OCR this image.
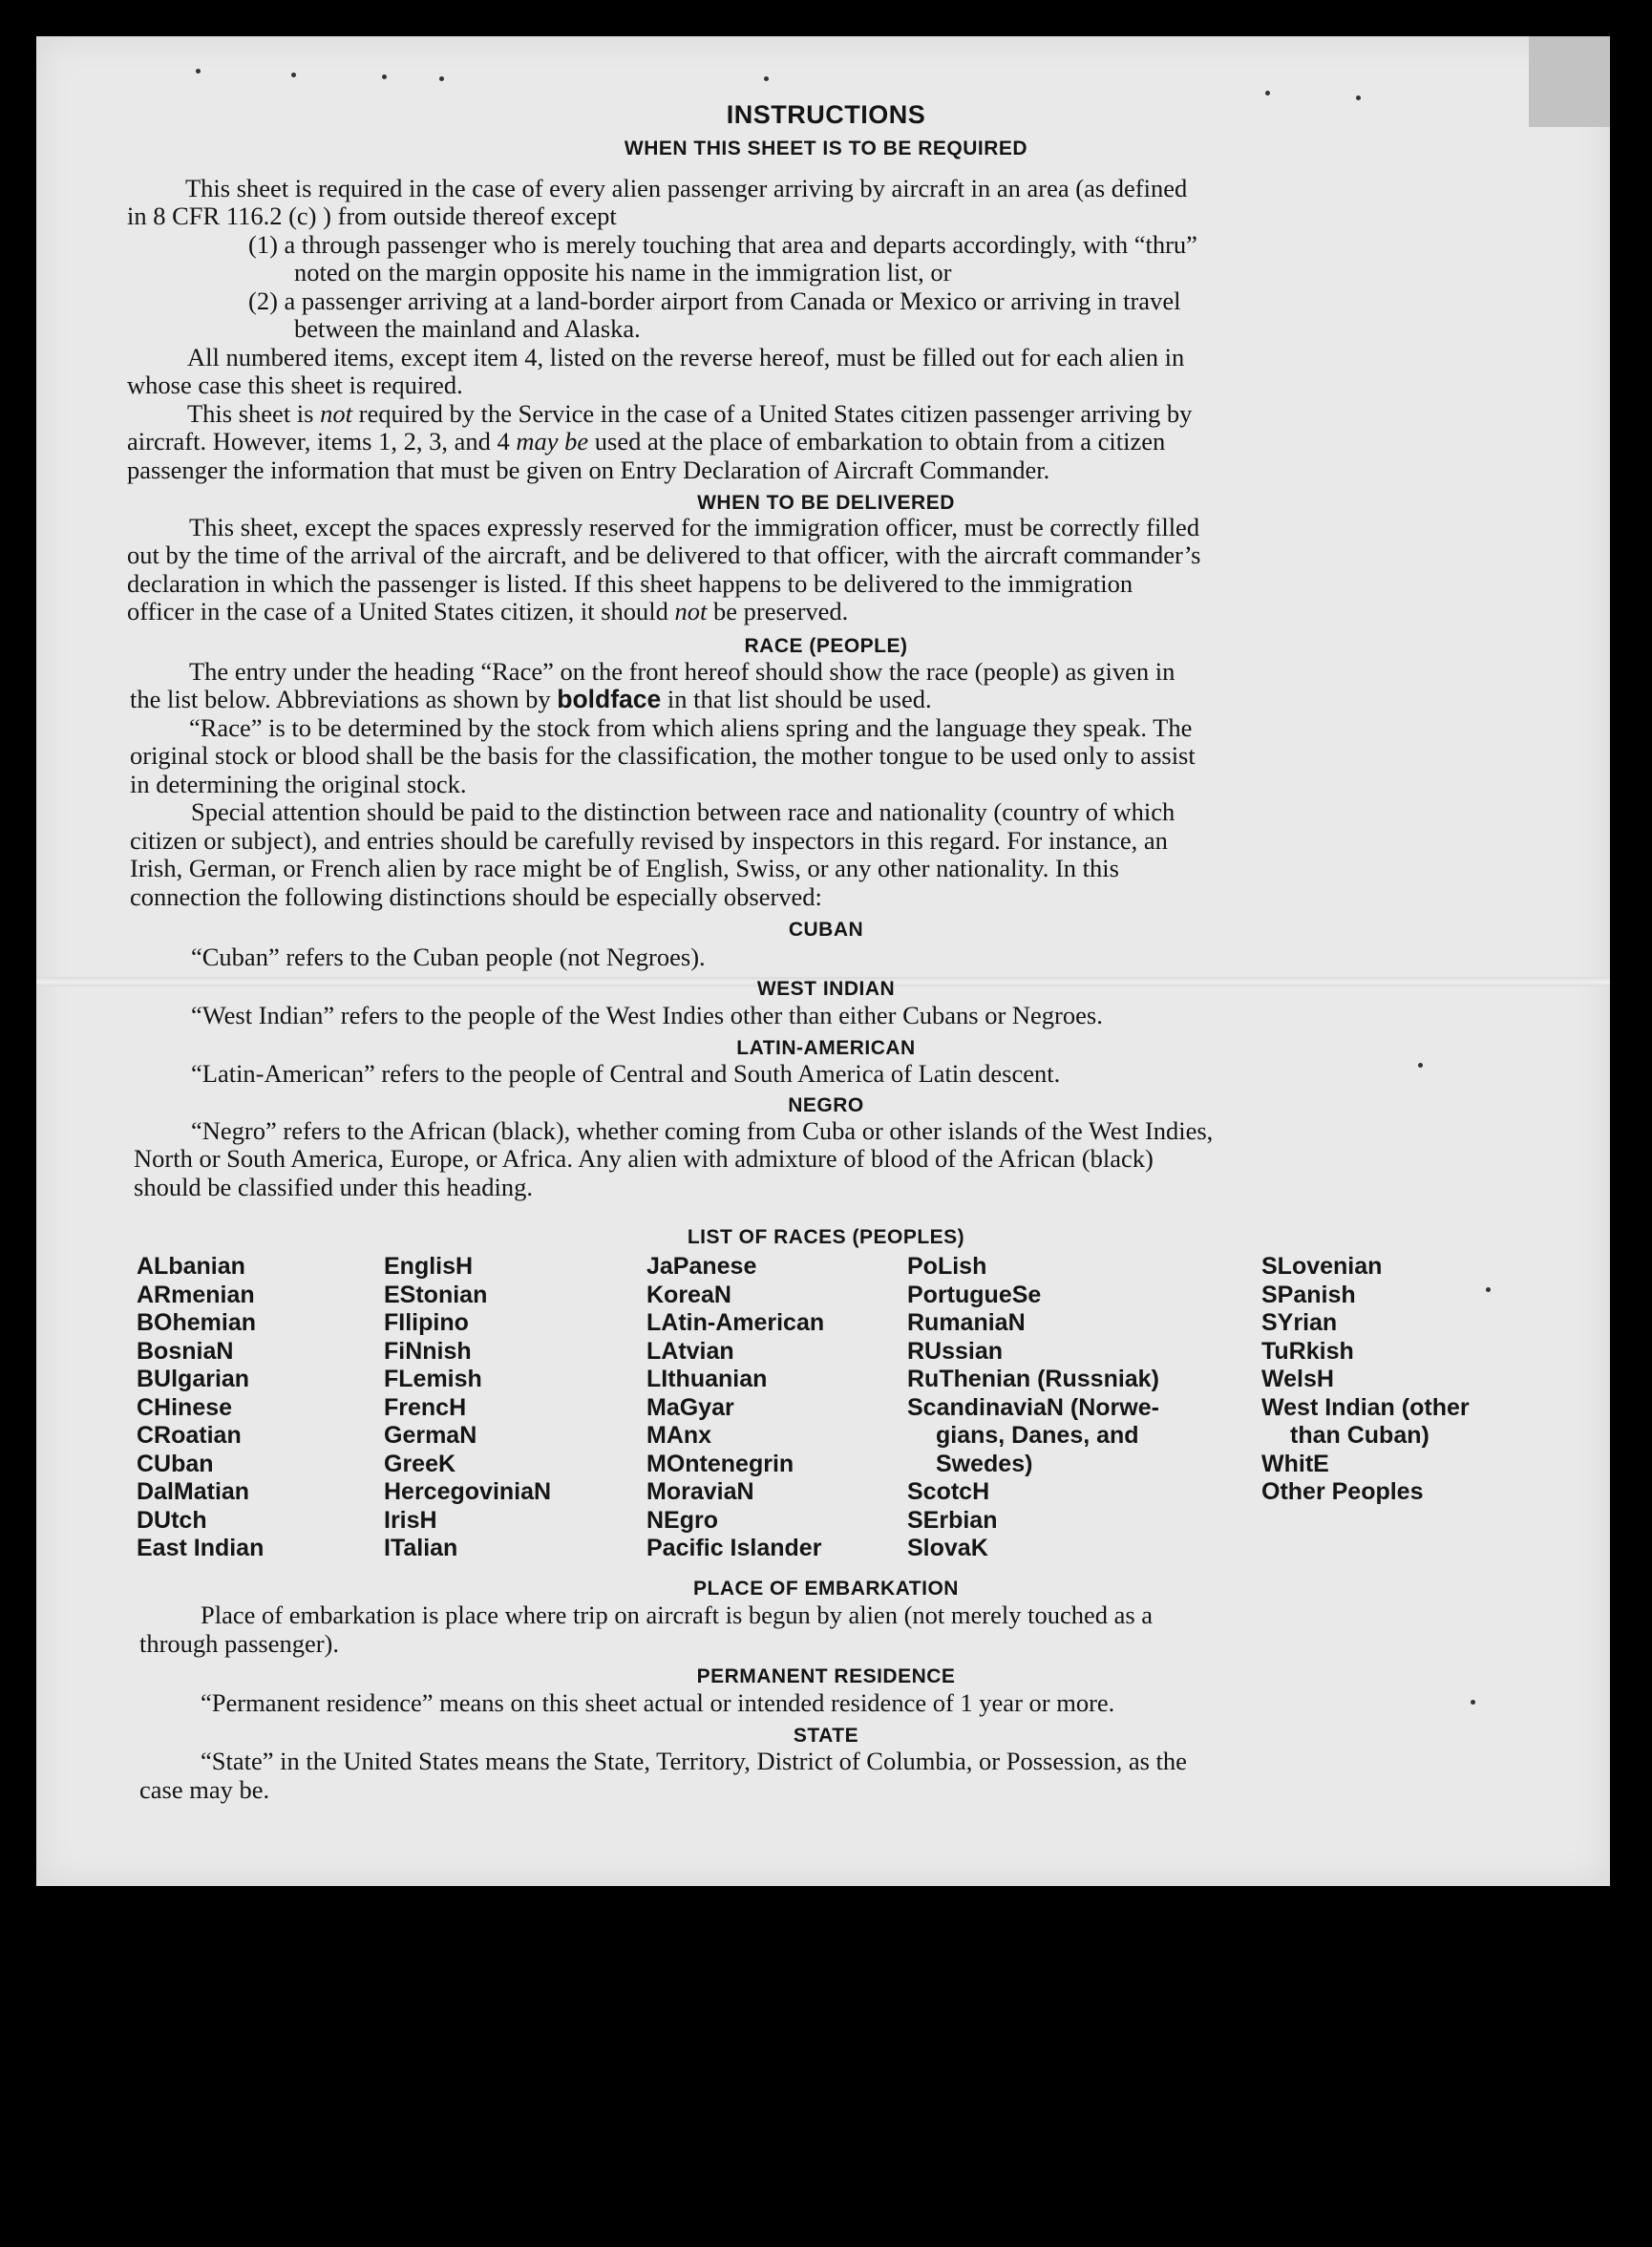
INSTRUCTIONS
WHEN THIS SHEET IS TO BE REQUIRED
This sheet is required in the case of every alien passenger arriving by aircraft in an area (as defined
in 8 CFR 116.2 (c) ) from outside thereof except
(1) a through passenger who is merely touching that area and departs accordingly, with “thru”
noted on the margin opposite his name in the immigration list, or
(2) a passenger arriving at a land-border airport from Canada or Mexico or arriving in travel
between the mainland and Alaska.
All numbered items, except item 4, listed on the reverse hereof, must be filled out for each alien in
whose case this sheet is required.
This sheet is not required by the Service in the case of a United States citizen passenger arriving by
aircraft. However, items 1, 2, 3, and 4 may be used at the place of embarkation to obtain from a citizen
passenger the information that must be given on Entry Declaration of Aircraft Commander.
WHEN TO BE DELIVERED
This sheet, except the spaces expressly reserved for the immigration officer, must be correctly filled
out by the time of the arrival of the aircraft, and be delivered to that officer, with the aircraft commander’s
declaration in which the passenger is listed. If this sheet happens to be delivered to the immigration
officer in the case of a United States citizen, it should not be preserved.
RACE (PEOPLE)
The entry under the heading “Race” on the front hereof should show the race (people) as given in
the list below. Abbreviations as shown by boldface in that list should be used.
“Race” is to be determined by the stock from which aliens spring and the language they speak. The
original stock or blood shall be the basis for the classification, the mother tongue to be used only to assist
in determining the original stock.
Special attention should be paid to the distinction between race and nationality (country of which
citizen or subject), and entries should be carefully revised by inspectors in this regard. For instance, an
Irish, German, or French alien by race might be of English, Swiss, or any other nationality. In this
connection the following distinctions should be especially observed:
CUBAN
“Cuban” refers to the Cuban people (not Negroes).
WEST INDIAN
“West Indian” refers to the people of the West Indies other than either Cubans or Negroes.
LATIN-AMERICAN
“Latin-American” refers to the people of Central and South America of Latin descent.
NEGRO
“Negro” refers to the African (black), whether coming from Cuba or other islands of the West Indies,
North or South America, Europe, or Africa. Any alien with admixture of blood of the African (black)
should be classified under this heading.
LIST OF RACES (PEOPLES)
ALbanian
ARmenian
BOhemian
BosniaN
BUlgarian
CHinese
CRoatian
CUban
DalMatian
DUtch
East Indian
EnglisH
EStonian
FIlipino
FiNnish
FLemish
FrencH
GermaN
GreeK
HercegoviniaN
IrisH
ITalian
JaPanese
KoreaN
LAtin-American
LAtvian
LIthuanian
MaGyar
MAnx
MOntenegrin
MoraviaN
NEgro
Pacific Islander
PoLish
PortugueSe
RumaniaN
RUssian
RuThenian (Russniak)
ScandinaviaN (Norwe-
gians, Danes, and
Swedes)
ScotcH
SErbian
SlovaK
SLovenian
SPanish
SYrian
TuRkish
WelsH
West Indian (other
than Cuban)
WhitE
Other Peoples
PLACE OF EMBARKATION
Place of embarkation is place where trip on aircraft is begun by alien (not merely touched as a
through passenger).
PERMANENT RESIDENCE
“Permanent residence” means on this sheet actual or intended residence of 1 year or more.
STATE
“State” in the United States means the State, Territory, District of Columbia, or Possession, as the
case may be.
